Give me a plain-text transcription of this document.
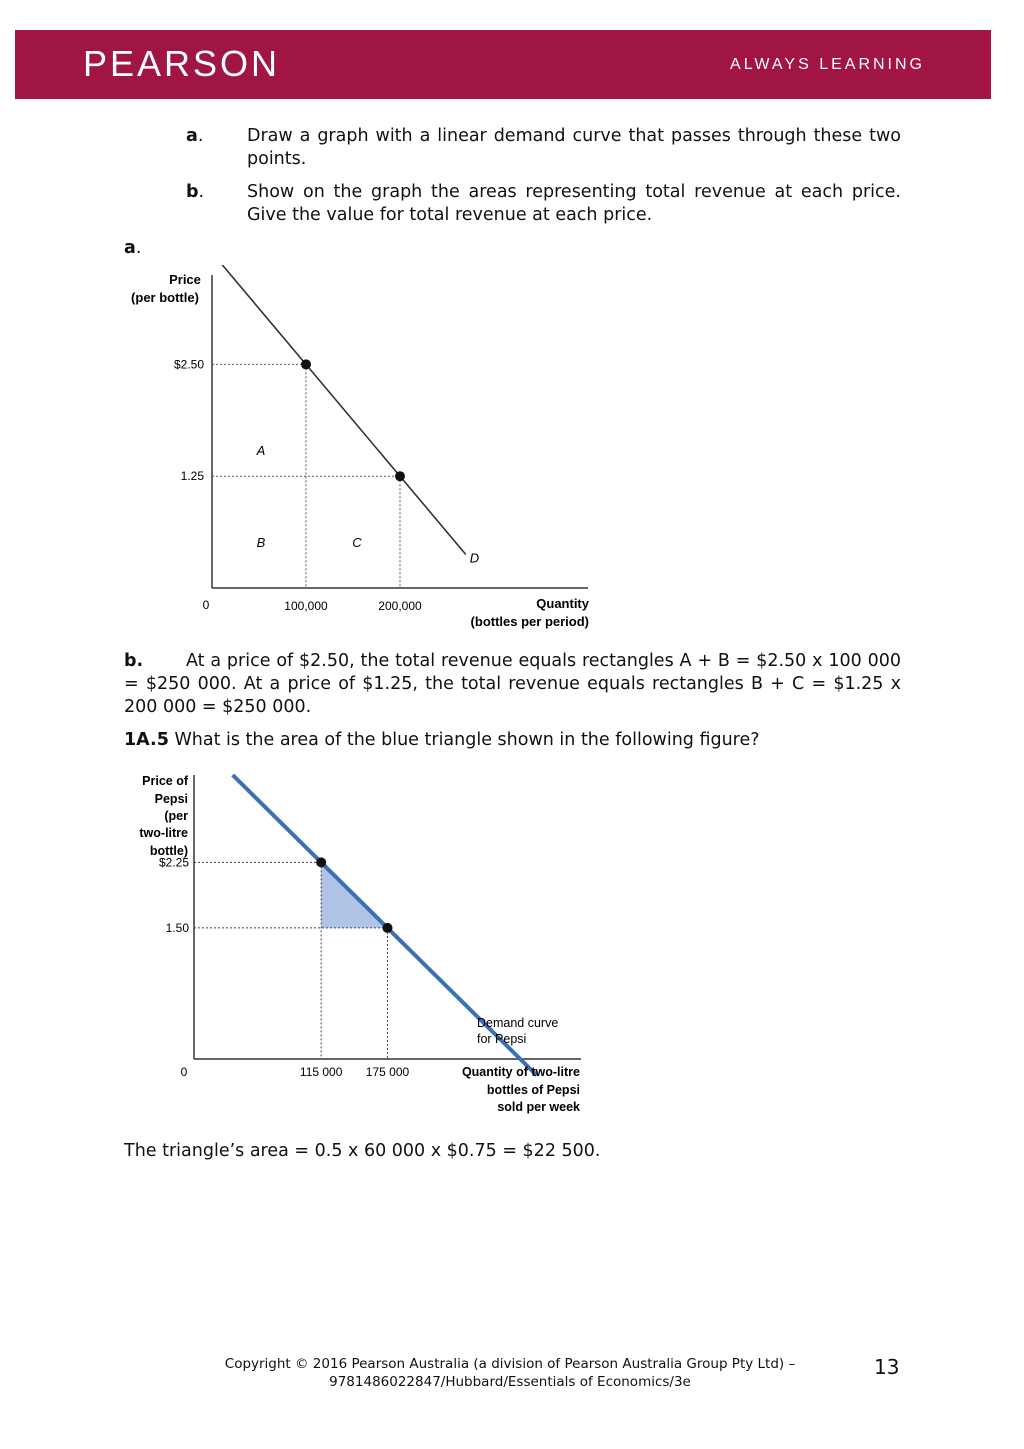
PEARSON	ALWAYS LEARNING
a. Draw a graph with a linear demand curve that passes through these two points.
b. Show on the graph the areas representing total revenue at each price. Give the value for total revenue at each price.
a.
Price
(per bottle)
$2.50
1.25
0	100,000	200,000	Quantity
(bottles per period)
A
B	C
D
b.	At a price of $2.50, the total revenue equals rectangles A + B = $2.50 x 100 000 = $250 000. At a price of $1.25, the total revenue equals rectangles B + C = $1.25 x 200 000 = $250 000.
1A.5 What is the area of the blue triangle shown in the following figure?
Price of
Pepsi
(per
two-litre
bottle)
$2.25
1.50
0	115 000 175 000	Quantity of two-litre
bottles of Pepsi
sold per week
Demand curve
for Pepsi
The triangle’s area = 0.5 x 60 000 x $0.75 = $22 500.
Copyright © 2016 Pearson Australia (a division of Pearson Australia Group Pty Ltd) –
9781486022847/Hubbard/Essentials of Economics/3e
13
